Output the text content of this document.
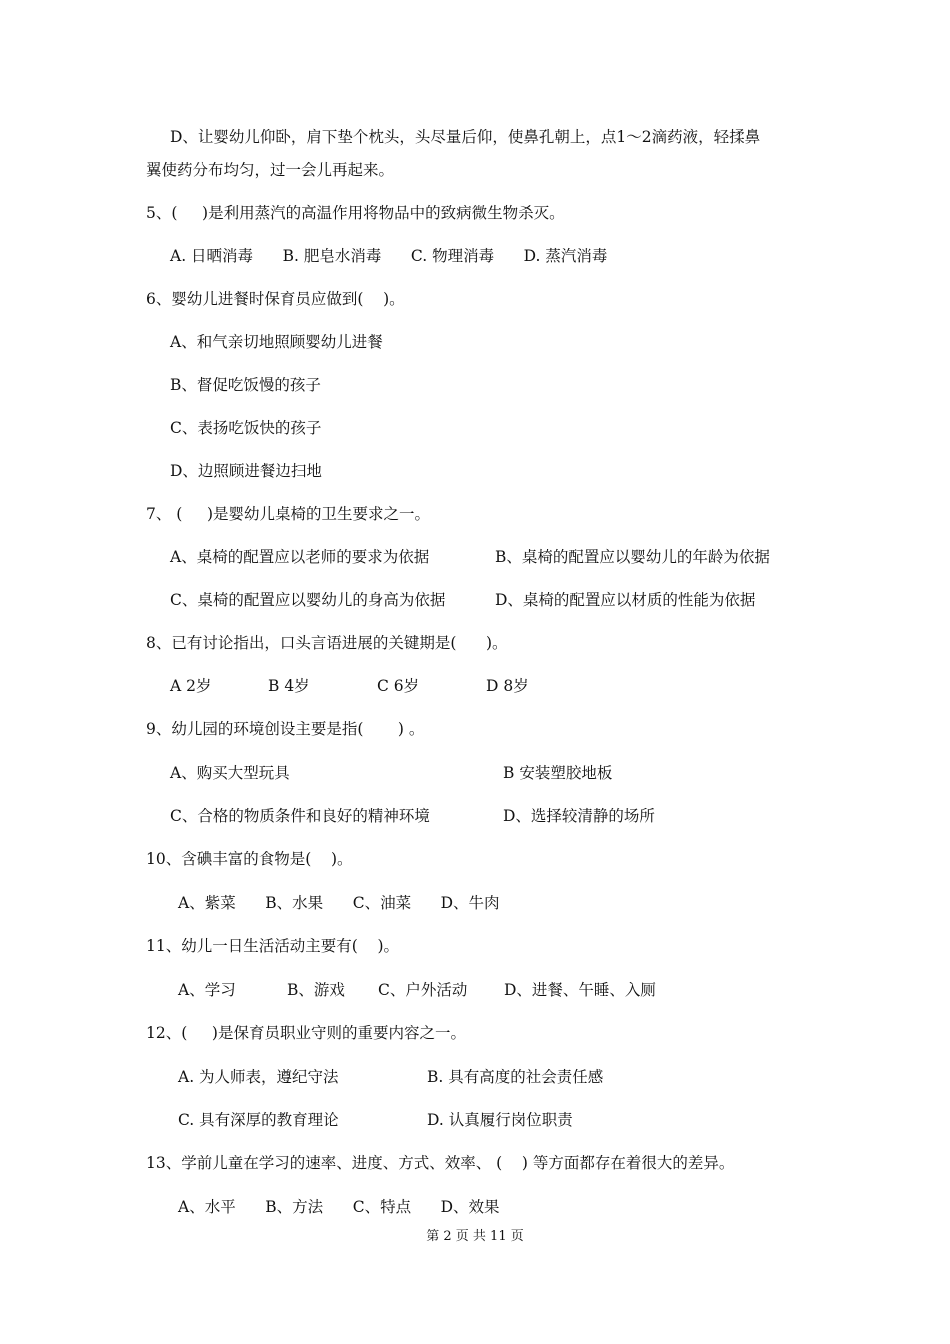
D、让婴幼儿仰卧，肩下垫个枕头，头尽量后仰，使鼻孔朝上，点1～2滴药液，轻揉鼻
翼使药分布均匀，过一会儿再起来。
5、(     )是利用蒸汽的高温作用将物品中的致病微生物杀灭。
A. 日晒消毒      B. 肥皂水消毒      C. 物理消毒      D. 蒸汽消毒
6、婴幼儿进餐时保育员应做到(    )。
A、和气亲切地照顾婴幼儿进餐
B、督促吃饭慢的孩子
C、表扬吃饭快的孩子
D、边照顾进餐边扫地
7、 (     )是婴幼儿桌椅的卫生要求之一。
A、桌椅的配置应以老师的要求为依据	B、桌椅的配置应以婴幼儿的年龄为依据
C、桌椅的配置应以婴幼儿的身高为依据	D、桌椅的配置应以材质的性能为依据
8、已有讨论指出，口头言语进展的关键期是(      )。
A 2岁	B 4岁	C 6岁	D 8岁
9、幼儿园的环境创设主要是指(       ) 。
A、购买大型玩具	B 安装塑胶地板
C、合格的物质条件和良好的精神环境	D、选择较清静的场所
10、含碘丰富的食物是(    )。
A、紫菜      B、水果      C、油菜      D、牛肉
11、幼儿一日生活活动主要有(    )。
A、学习	B、游戏 C、户外活动 D、进餐、午睡、入厕
12、(     )是保育员职业守则的重要内容之一。
A. 为人师表，遵纪守法	B. 具有高度的社会责任感
C. 具有深厚的教育理论	D. 认真履行岗位职责
13、学前儿童在学习的速率、进度、方式、效率、 (    ) 等方面都存在着很大的差异。
A、水平      B、方法      C、特点      D、效果
第 2 页 共 11 页
